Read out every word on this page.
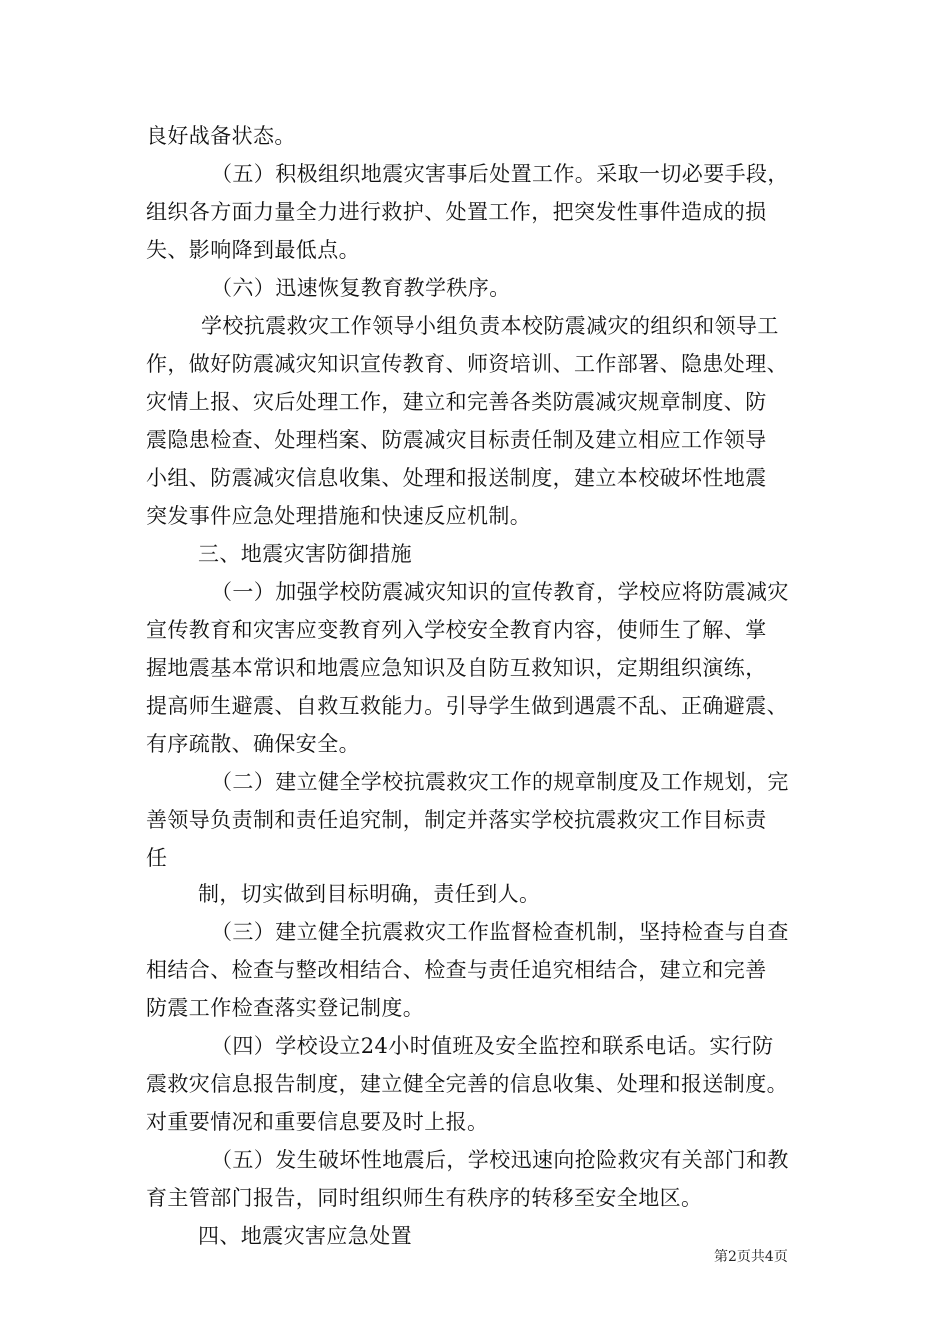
良好战备状态。
（五）积极组织地震灾害事后处置工作。采取一切必要手段，
组织各方面力量全力进行救护、处置工作，把突发性事件造成的损
失、影响降到最低点。
（六）迅速恢复教育教学秩序。
学校抗震救灾工作领导小组负责本校防震减灾的组织和领导工
作，做好防震减灾知识宣传教育、师资培训、工作部署、隐患处理、
灾情上报、灾后处理工作，建立和完善各类防震减灾规章制度、防
震隐患检查、处理档案、防震减灾目标责任制及建立相应工作领导
小组、防震减灾信息收集、处理和报送制度，建立本校破坏性地震
突发事件应急处理措施和快速反应机制。
三、地震灾害防御措施
（一）加强学校防震减灾知识的宣传教育，学校应将防震减灾
宣传教育和灾害应变教育列入学校安全教育内容，使师生了解、掌
握地震基本常识和地震应急知识及自防互救知识，定期组织演练，
提高师生避震、自救互救能力。引导学生做到遇震不乱、正确避震、
有序疏散、确保安全。
（二）建立健全学校抗震救灾工作的规章制度及工作规划，完
善领导负责制和责任追究制，制定并落实学校抗震救灾工作目标责
任
制，切实做到目标明确，责任到人。
（三）建立健全抗震救灾工作监督检查机制，坚持检查与自查
相结合、检查与整改相结合、检查与责任追究相结合，建立和完善
防震工作检查落实登记制度。
（四）学校设立24小时值班及安全监控和联系电话。实行防
震救灾信息报告制度，建立健全完善的信息收集、处理和报送制度。
对重要情况和重要信息要及时上报。
（五）发生破坏性地震后，学校迅速向抢险救灾有关部门和教
育主管部门报告，同时组织师生有秩序的转移至安全地区。
四、地震灾害应急处置
第2页共4页
